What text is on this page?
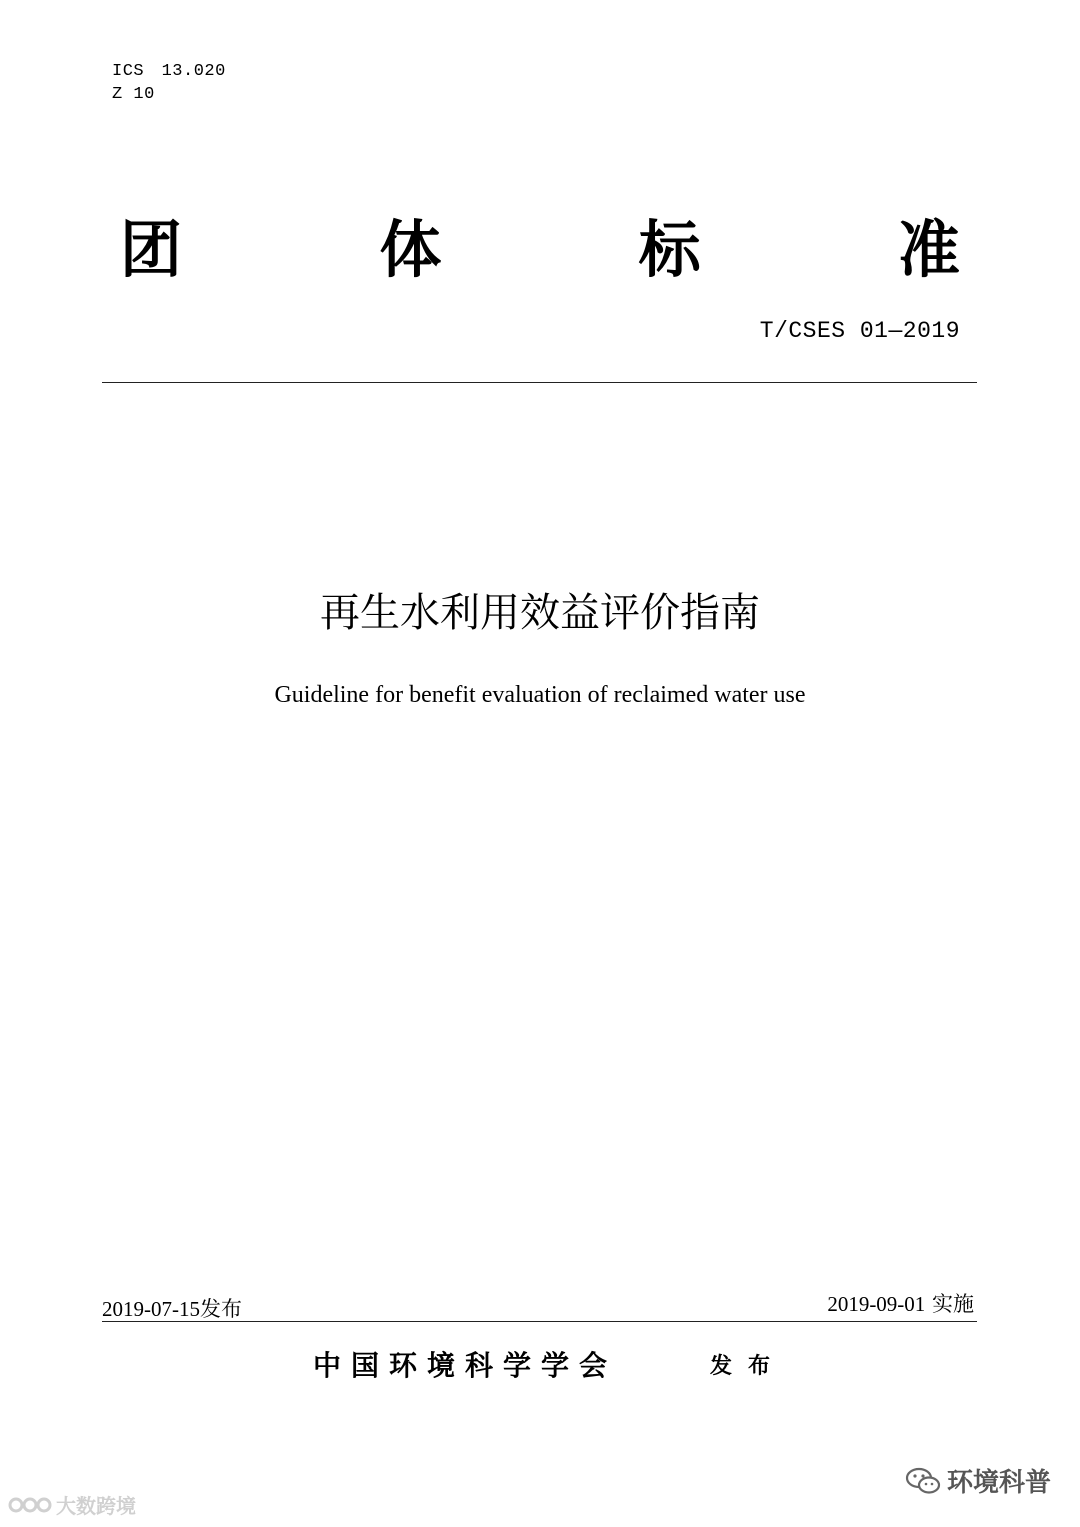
ICS　13.020
Z 10
团	体	标	准
T/CSES 01—2019
再生水利用效益评价指南
Guideline for benefit evaluation of reclaimed water use
2019-07-15发布	2019-09-01 实施
中国环境科学学会	发布
大数跨境
环境科普
